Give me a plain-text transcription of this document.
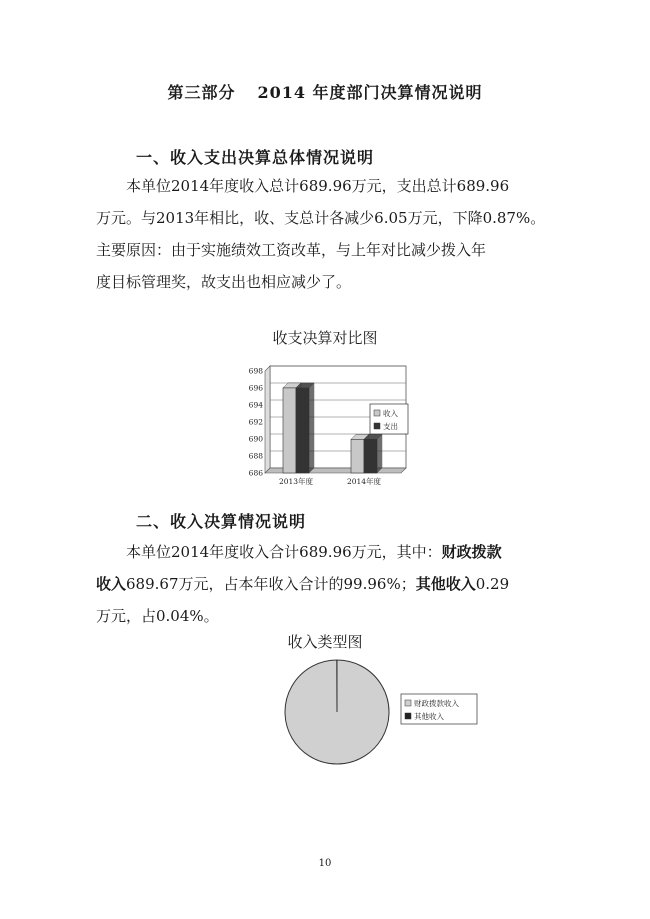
第三部分 2014 年度部门决算情况说明
一、收入支出决算总体情况说明
本单位2014年度收入总计689.96万元，支出总计689.96
万元。与2013年相比，收、支总计各减少6.05万元，下降0.87%。
主要原因：由于实施绩效工资改革，与上年对比减少拨入年
度目标管理奖，故支出也相应减少了。
收支决算对比图
686
688
690
692
694
696
698
2013年度	2014年度
收入
支出
二、收入决算情况说明
本单位2014年度收入合计689.96万元，其中：财政拨款
收入689.67万元，占本年收入合计的99.96%；其他收入0.29
万元，占0.04%。
收入类型图
财政拨款收入
其他收入
10
